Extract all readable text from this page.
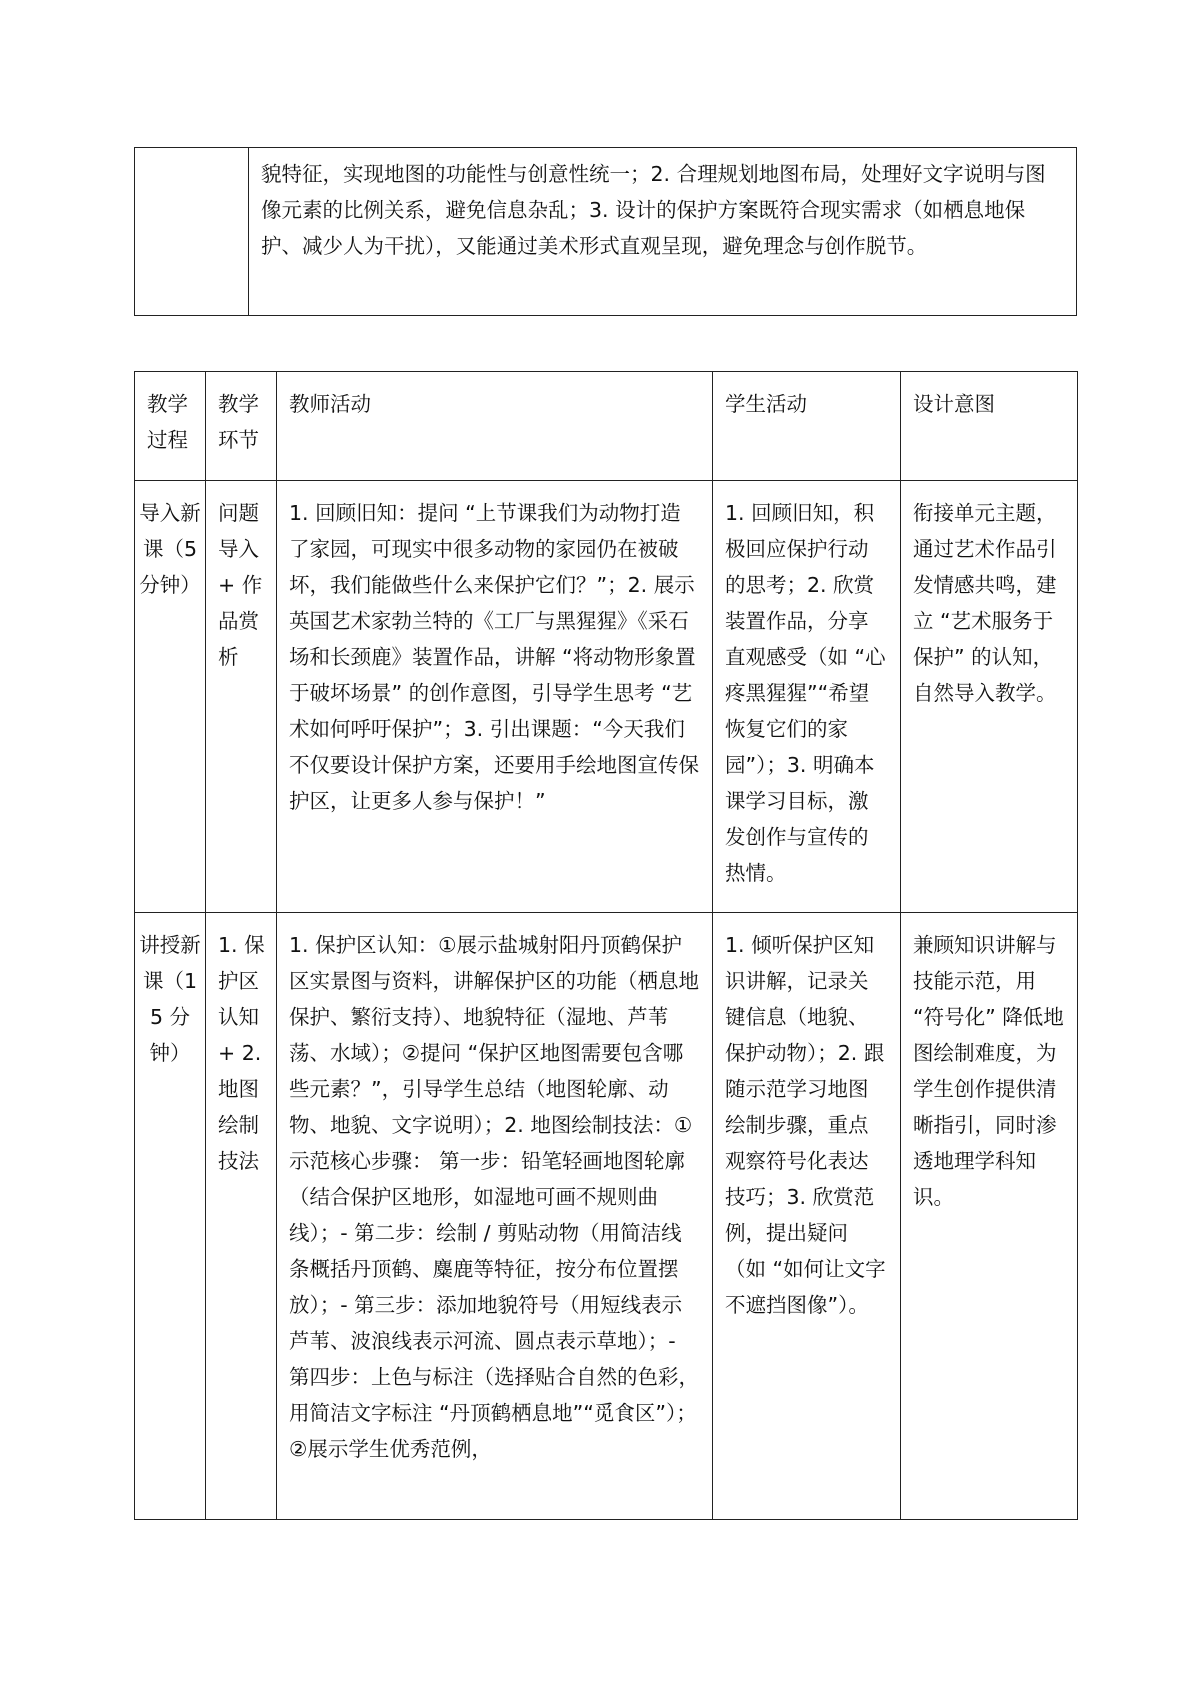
	貌特征，实现地图的功能性与创意性统一；2. 合理规划地图布局，处理好文字说明与图像元素的比例关系，避免信息杂乱；3. 设计的保护方案既符合现实需求（如栖息地保护、减少人为干扰），又能通过美术形式直观呈现，避免理念与创作脱节。
教学过程	教学环节	教师活动	学生活动	设计意图
导入新课（5 分钟）	问题导入 + 作品赏析	1. 回顾旧知：提问 “上节课我们为动物打造了家园，可现实中很多动物的家园仍在被破坏，我们能做些什么来保护它们？”；2. 展示英国艺术家勃兰特的《工厂与黑猩猩》《采石场和长颈鹿》装置作品，讲解 “将动物形象置于破坏场景” 的创作意图，引导学生思考 “艺术如何呼吁保护”；3. 引出课题：“今天我们不仅要设计保护方案，还要用手绘地图宣传保护区，让更多人参与保护！”	1. 回顾旧知，积极回应保护行动的思考；2. 欣赏装置作品，分享直观感受（如 “心疼黑猩猩”“希望恢复它们的家园”）；3. 明确本课学习目标，激发创作与宣传的热情。	衔接单元主题，通过艺术作品引发情感共鸣，建立 “艺术服务于保护” 的认知，自然导入教学。
讲授新课（15 分钟）	1. 保护区认知 + 2. 地图绘制技法	1. 保护区认知：①展示盐城射阳丹顶鹤保护区实景图与资料，讲解保护区的功能（栖息地保护、繁衍支持）、地貌特征（湿地、芦苇荡、水域）；②提问 “保护区地图需要包含哪些元素？”，引导学生总结（地图轮廓、动物、地貌、文字说明）；2. 地图绘制技法：①示范核心步骤： 第一步：铅笔轻画地图轮廓（结合保护区地形，如湿地可画不规则曲线）；- 第二步：绘制 / 剪贴动物（用简洁线条概括丹顶鹤、麋鹿等特征，按分布位置摆放）；- 第三步：添加地貌符号（用短线表示芦苇、波浪线表示河流、圆点表示草地）；- 第四步：上色与标注（选择贴合自然的色彩，用简洁文字标注 “丹顶鹤栖息地”“觅食区”）；②展示学生优秀范例，	1. 倾听保护区知识讲解，记录关键信息（地貌、保护动物）；2. 跟随示范学习地图绘制步骤，重点观察符号化表达技巧；3. 欣赏范例，提出疑问（如 “如何让文字不遮挡图像”）。	兼顾知识讲解与技能示范，用 “符号化” 降低地图绘制难度，为学生创作提供清晰指引，同时渗透地理学科知识。
